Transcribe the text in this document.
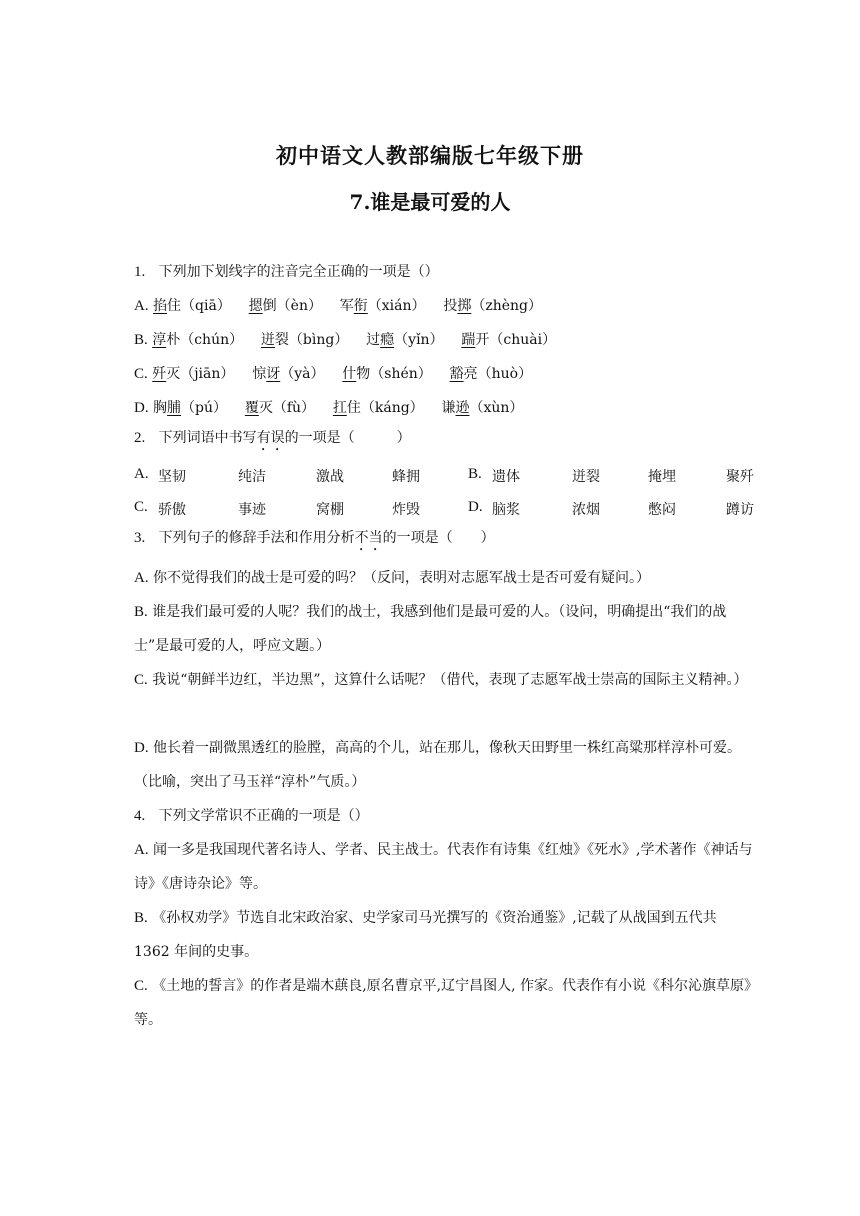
初中语文人教部编版七年级下册
7.谁是最可爱的人
1. 下列加下划线字的注音完全正确的一项是（）
A. 掐住（qiā） 摁倒（èn） 军衔（xián） 投掷（zhèng）
B. 淳朴（chún） 迸裂（bìng） 过瘾（yǐn） 踹开（chuài）
C. 歼灭（jiān） 惊讶（yà） 什物（shén） 豁亮（huò）
D. 胸脯（pú） 覆灭（fù） 扛住（káng） 谦逊（xùn）
2. 下列词语中书写有误的一项是（　　　）
A. 坚韧	纯洁	激战	蜂拥	B. 遗体	迸裂	掩埋	聚歼
C. 骄傲	事迹	窝棚	炸毁	D. 脑浆	浓烟	憋闷	蹲访
3. 下列句子的修辞手法和作用分析不当的一项是（　　）
A. 你不觉得我们的战士是可爱的吗？（反问，表明对志愿军战士是否可爱有疑问。）
B. 谁是我们最可爱的人呢？我们的战士，我感到他们是最可爱的人。（设问，明确提出“我们的战士”是最可爱的人，呼应文题。）
C. 我说“朝鲜半边红，半边黑”，这算什么话呢？（借代，表现了志愿军战士崇高的国际主义精神。）
D. 他长着一副微黑透红的脸膛，高高的个儿，站在那儿，像秋天田野里一株红高粱那样淳朴可爱。（比喻，突出了马玉祥“淳朴”气质。）
4. 下列文学常识不正确的一项是（）
A. 闻一多是我国现代著名诗人、学者、民主战士。代表作有诗集《红烛》《死水》,学术著作《神话与诗》《唐诗杂论》等。
B. 《孙权劝学》节选自北宋政治家、史学家司马光撰写的《资治通鉴》,记载了从战国到五代共 1362 年间的史事。
C. 《土地的誓言》的作者是端木蕻良,原名曹京平,辽宁昌图人, 作家。代表作有小说《科尔沁旗草原》等。
